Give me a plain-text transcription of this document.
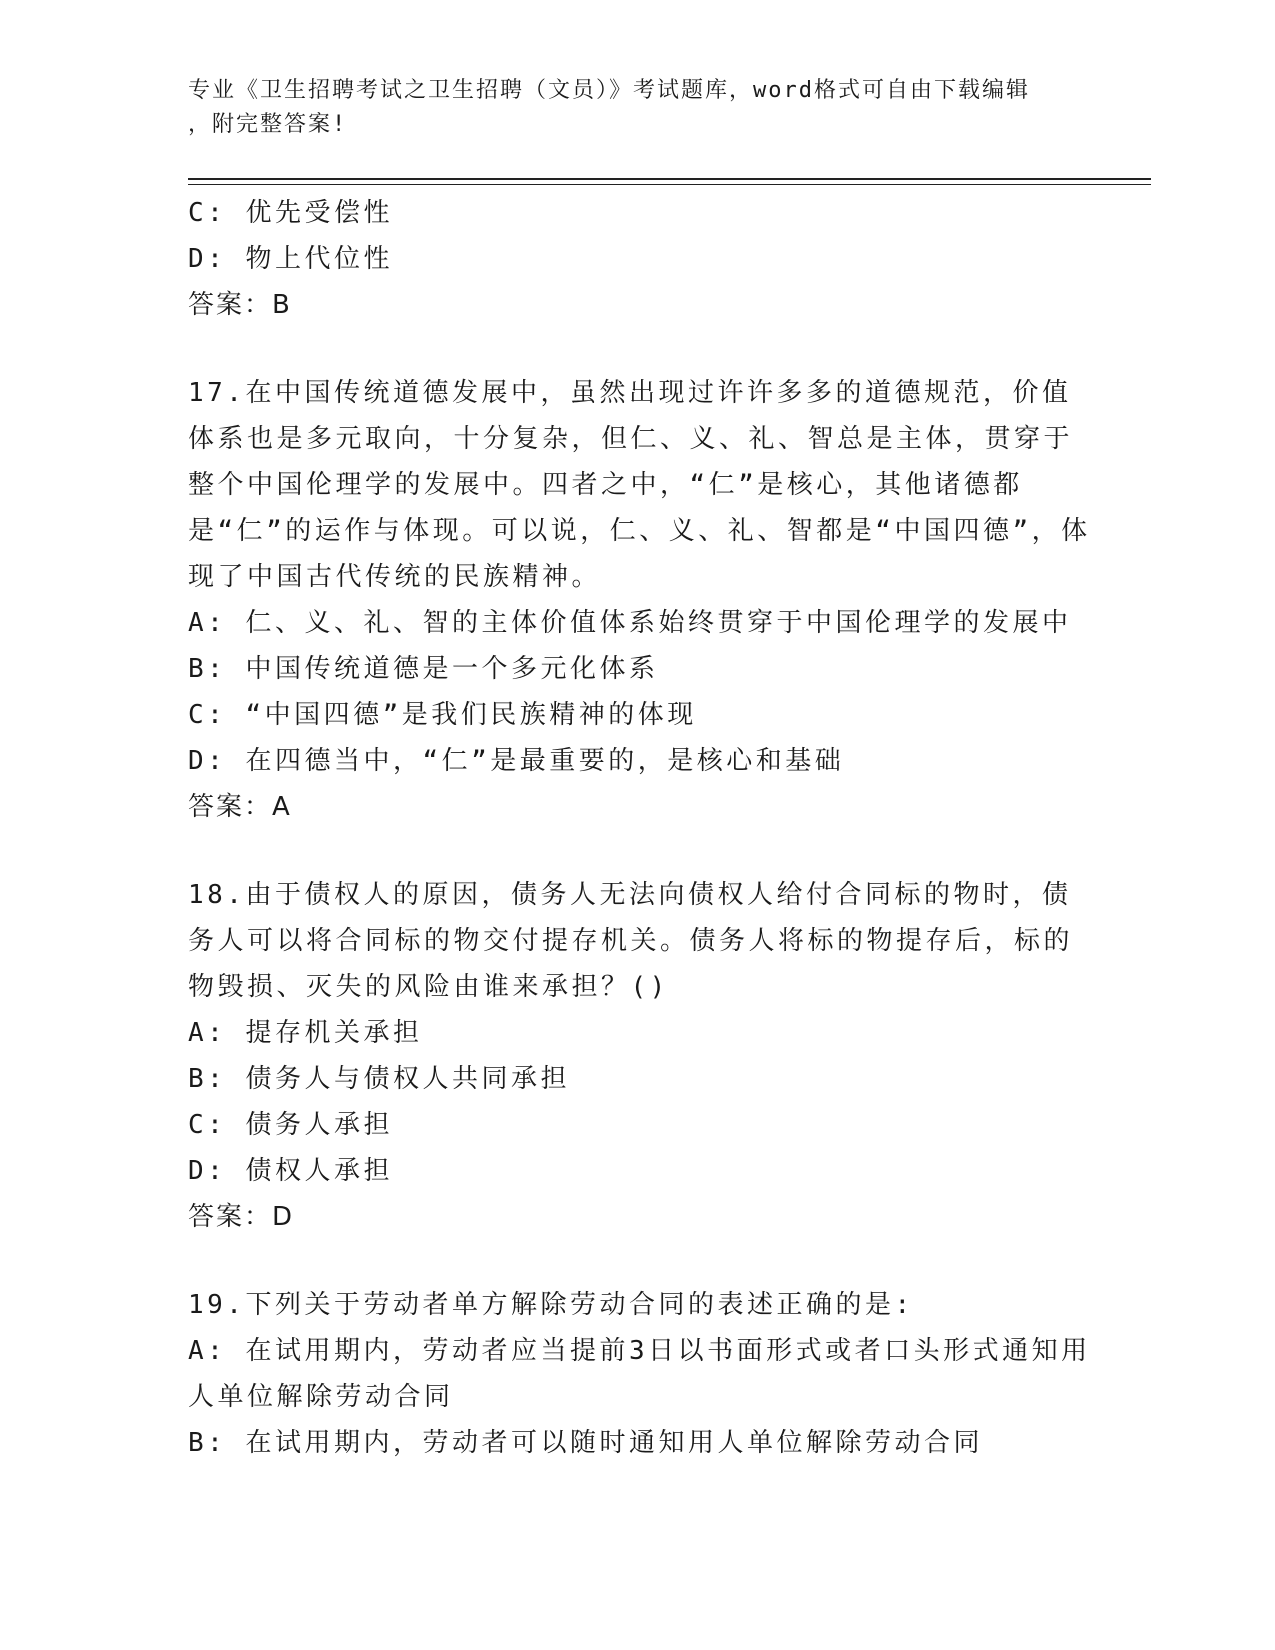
专业《卫生招聘考试之卫生招聘（文员）》考试题库，word格式可自由下载编辑
，附完整答案!
C: 优先受偿性
D: 物上代位性
答案：B
17.在中国传统道德发展中，虽然出现过许许多多的道德规范，价值体系也是多元取向，十分复杂，但仁、义、礼、智总是主体，贯穿于整个中国伦理学的发展中。四者之中，“仁”是核心，其他诸德都是“仁”的运作与体现。可以说，仁、义、礼、智都是“中国四德”，体现了中国古代传统的民族精神。
A: 仁、义、礼、智的主体价值体系始终贯穿于中国伦理学的发展中
B: 中国传统道德是一个多元化体系
C: “中国四德”是我们民族精神的体现
D: 在四德当中，“仁”是最重要的，是核心和基础
答案：A
18.由于债权人的原因，债务人无法向债权人给付合同标的物时，债务人可以将合同标的物交付提存机关。债务人将标的物提存后，标的物毁损、灭失的风险由谁来承担？()
A: 提存机关承担
B: 债务人与债权人共同承担
C: 债务人承担
D: 债权人承担
答案：D
19.下列关于劳动者单方解除劳动合同的表述正确的是:
A: 在试用期内，劳动者应当提前3日以书面形式或者口头形式通知用人单位解除劳动合同
B: 在试用期内，劳动者可以随时通知用人单位解除劳动合同
